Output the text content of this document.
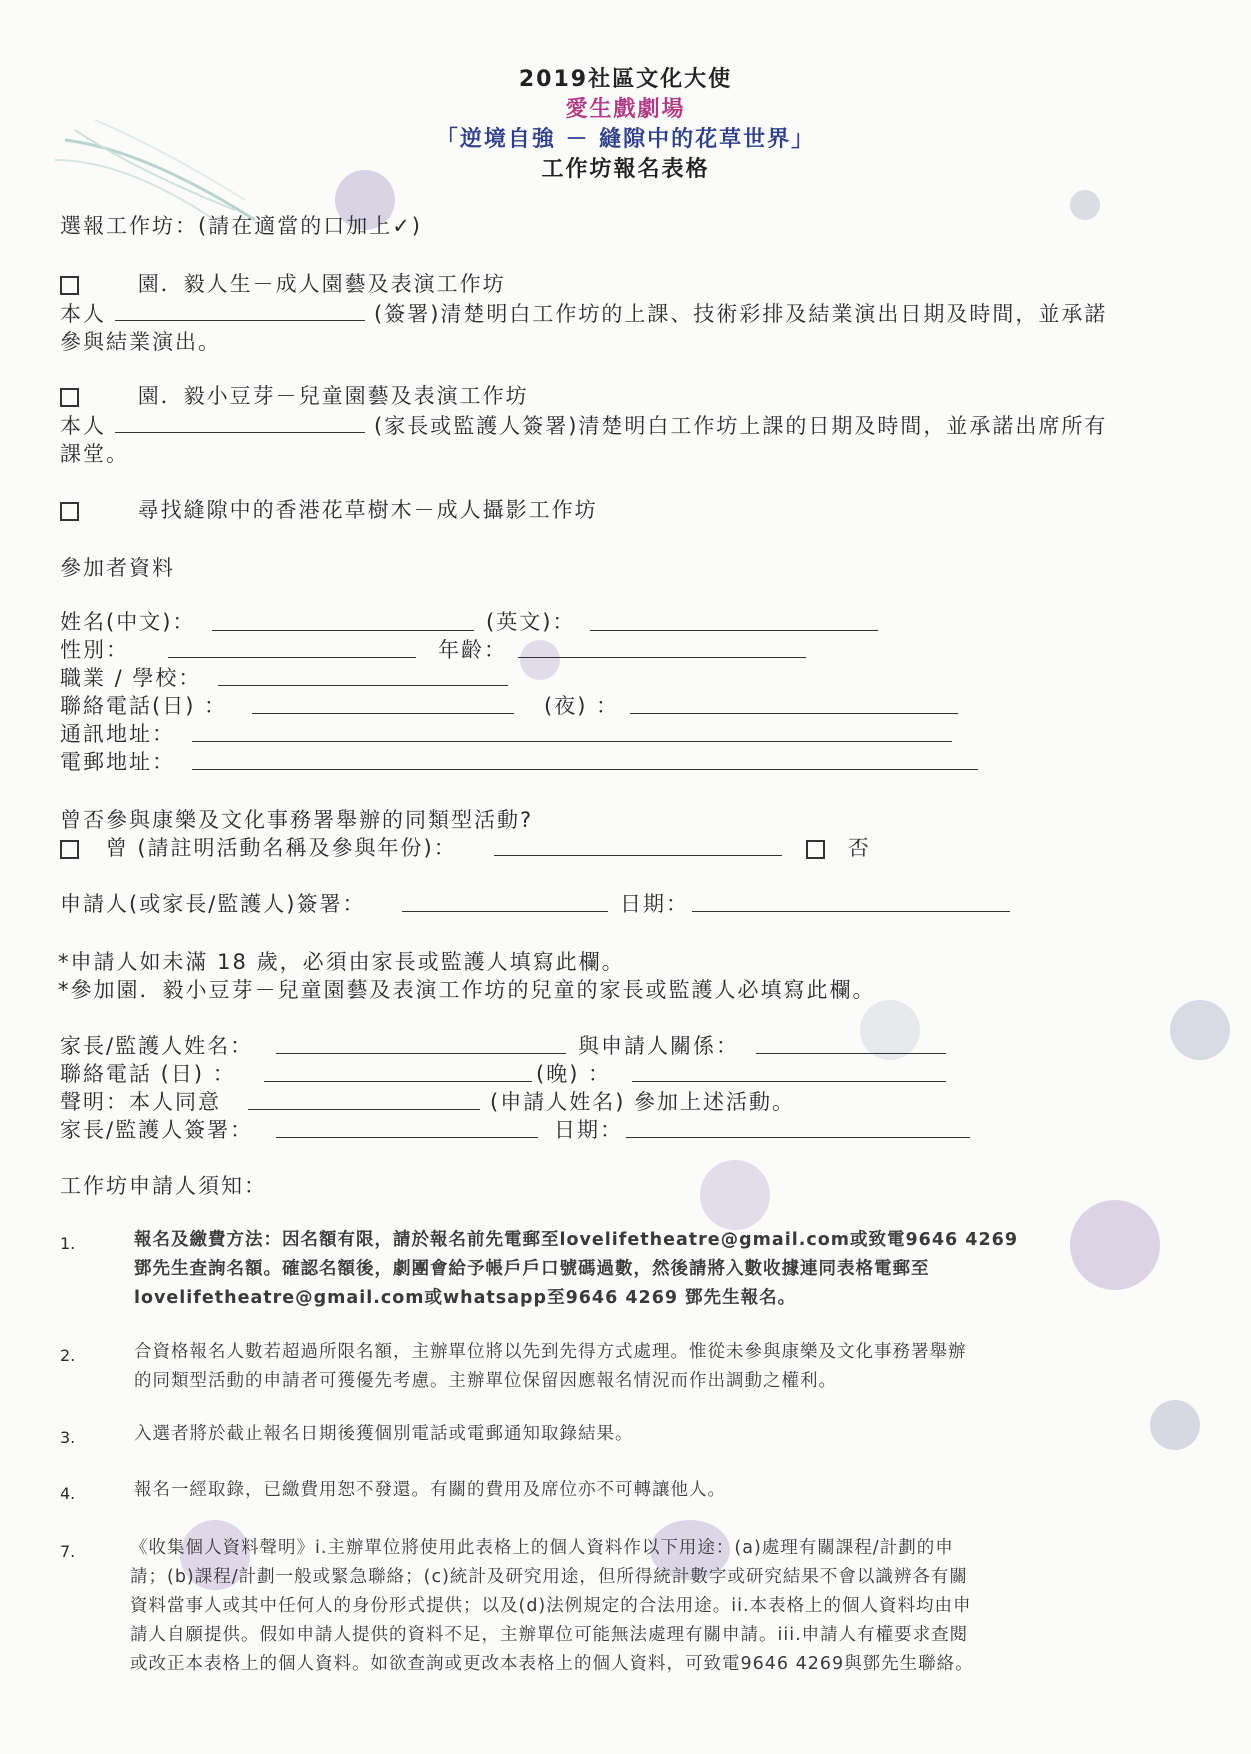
2019社區文化大使
愛生戲劇場
「逆境自強 － 縫隙中的花草世界」
工作坊報名表格
選報工作坊：(請在適當的口加上✓)
園．毅人生－成人園藝及表演工作坊
本人	(簽署)清楚明白工作坊的上課、技術彩排及結業演出日期及時間，並承諾
參與結業演出。
園．毅小豆芽－兒童園藝及表演工作坊
本人	(家長或監護人簽署)清楚明白工作坊上課的日期及時間，並承諾出席所有
課堂。
尋找縫隙中的香港花草樹木－成人攝影工作坊
參加者資料
姓名(中文)：	(英文)：
性別：	年齡：
職業 / 學校：
聯絡電話(日) ：	(夜) ：
通訊地址：
電郵地址：
曾否參與康樂及文化事務署舉辦的同類型活動?
曾 (請註明活動名稱及參與年份)：	否
申請人(或家長/監護人)簽署：	日期：
*申請人如未滿 18 歲，必須由家長或監護人填寫此欄。
*參加園．毅小豆芽－兒童園藝及表演工作坊的兒童的家長或監護人必填寫此欄。
家長/監護人姓名：	與申請人關係：
聯絡電話 (日) ：	(晚) ：
聲明：本人同意	(申請人姓名) 參加上述活動。
家長/監護人簽署：	日期：
工作坊申請人須知：
1.	報名及繳費方法：因名額有限，請於報名前先電郵至lovelifetheatre@gmail.com或致電9646 4269
鄧先生查詢名額。確認名額後，劇團會給予帳戶戶口號碼過數，然後請將入數收據連同表格電郵至
lovelifetheatre@gmail.com或whatsapp至9646 4269 鄧先生報名。
2.	合資格報名人數若超過所限名額，主辦單位將以先到先得方式處理。惟從未參與康樂及文化事務署舉辦
的同類型活動的申請者可獲優先考慮。主辦單位保留因應報名情況而作出調動之權利。
3.	入選者將於截止報名日期後獲個別電話或電郵通知取錄結果。
4.	報名一經取錄，已繳費用恕不發還。有關的費用及席位亦不可轉讓他人。
7.	《收集個人資料聲明》i.主辦單位將使用此表格上的個人資料作以下用途：(a)處理有關課程/計劃的申
請；(b)課程/計劃一般或緊急聯絡；(c)統計及研究用途，但所得統計數字或研究結果不會以識辨各有關
資料當事人或其中任何人的身份形式提供；以及(d)法例規定的合法用途。ii.本表格上的個人資料均由申
請人自願提供。假如申請人提供的資料不足，主辦單位可能無法處理有關申請。iii.申請人有權要求查閱
或改正本表格上的個人資料。如欲查詢或更改本表格上的個人資料，可致電9646 4269與鄧先生聯絡。
